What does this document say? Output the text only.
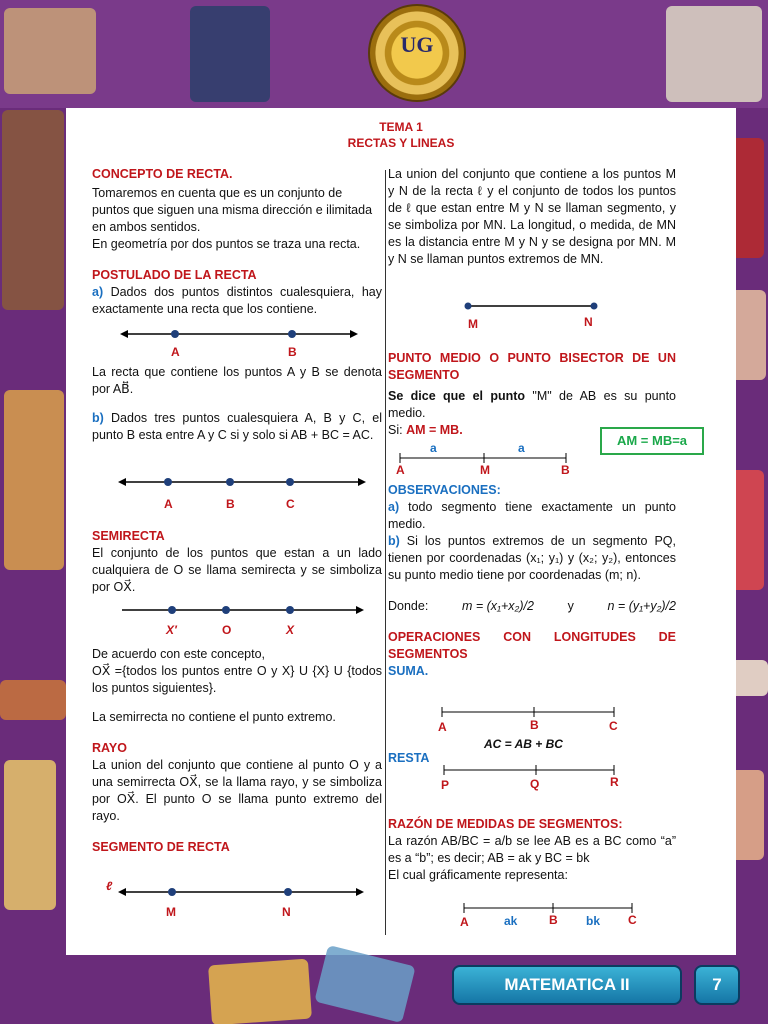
UG
TEMA 1
RECTAS Y LINEAS
CONCEPTO DE RECTA.
Tomaremos en cuenta que es un conjunto de puntos que siguen una misma dirección e ilimitada en ambos sentidos.
En geometría por dos puntos se traza una recta.
POSTULADO DE LA RECTA
a) Dados dos puntos distintos cualesquiera, hay exactamente una recta que los contiene.
A	B
La recta que contiene los puntos A y B se denota por AB⃡.
b) Dados tres puntos cualesquiera A, B y C, el punto B esta entre A y C si y solo si AB + BC = AC.
A	B	C
SEMIRECTA
El conjunto de los puntos que estan a un lado cualquiera de O se llama semirecta y se simboliza por OX⃗.
X′	O	X
De acuerdo con este concepto,
OX⃗ ={todos los puntos entre O y X} U {X} U {todos los puntos siguientes}.
La semirrecta no contiene el punto extremo.
RAYO
La union del conjunto que contiene al punto O y a una semirrecta OX⃗, se la llama rayo, y se simboliza por OX⃗. El punto O se llama punto extremo del rayo.
SEGMENTO DE RECTA
ℓ
M	N
La union del conjunto que contiene a los puntos M y N de la recta ℓ y el conjunto de todos los puntos de ℓ que estan entre M y N se llaman segmento, y se simboliza por MN. La longitud, o medida, de MN es la distancia entre M y N y se designa por MN. M y N se llaman puntos extremos de MN.
M	N
PUNTO MEDIO O PUNTO BISECTOR DE UN SEGMENTO
Se dice que el punto "M" de AB es su punto medio.
Si: AM = MB.
a	a
A	M	B
AM = MB=a
OBSERVACIONES:
a) todo segmento tiene exactamente un punto medio.
b) Si los puntos extremos de un segmento PQ, tienen por coordenadas (x₁; y₁) y (x₂; y₂), entonces su punto medio tiene por coordenadas (m; n).
Donde:	m = (x₁+x₂)/2	y	n = (y₁+y₂)/2
OPERACIONES CON LONGITUDES DE SEGMENTOS
SUMA.
A	B	C
AC = AB + BC
RESTA
P	Q	R
RAZÓN DE MEDIDAS DE SEGMENTOS:
La razón AB/BC = a/b se lee AB es a BC como “a” es a “b”; es decir; AB = ak y BC = bk
El cual gráficamente representa:
ak	bk
A	B	C
MATEMATICA II	7
